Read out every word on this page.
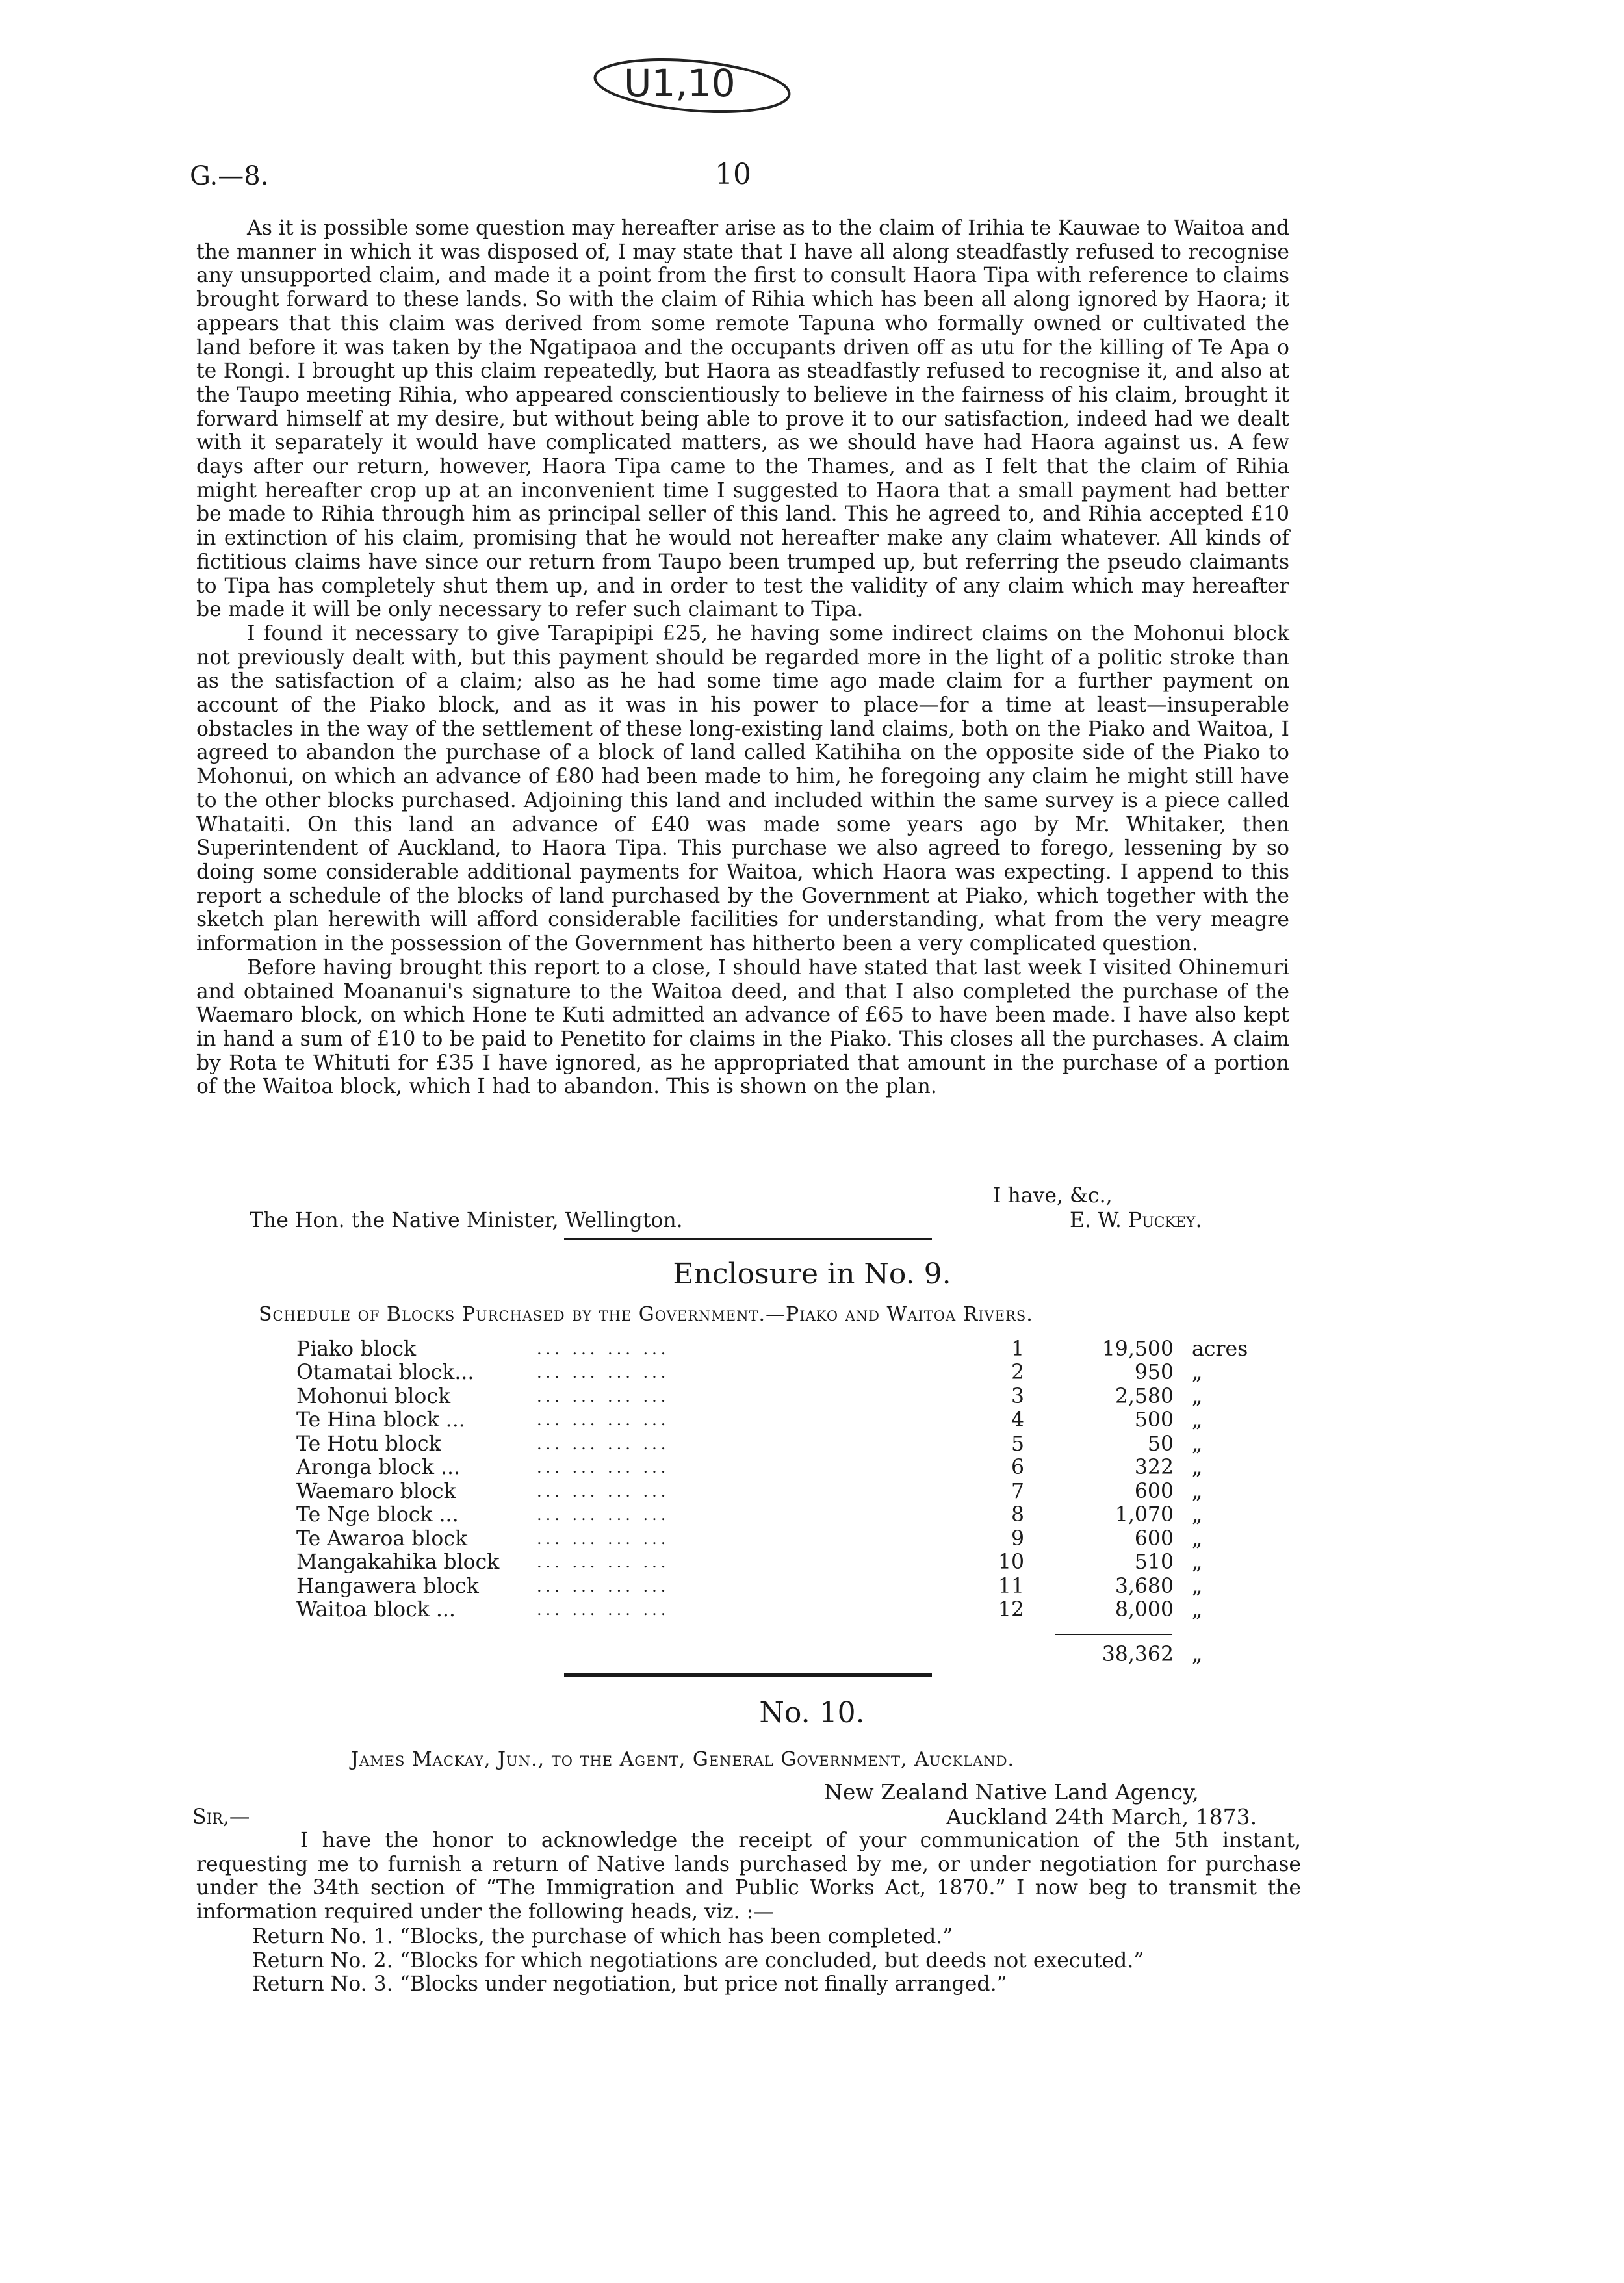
U1,10
G.—8.	10

As it is possible some question may hereafter arise as to the claim of Irihia te Kauwae to Waitoa and the manner in which it was disposed of, I may state that I have all along steadfastly refused to recognise any unsupported claim, and made it a point from the first to consult Haora Tipa with reference to claims brought forward to these lands. So with the claim of Rihia which has been all along ignored by Haora; it appears that this claim was derived from some remote Tapuna who formally owned or cultivated the land before it was taken by the Ngatipaoa and the occupants driven off as utu for the killing of Te Apa o te Rongi. I brought up this claim repeatedly, but Haora as steadfastly refused to recognise it, and also at the Taupo meeting Rihia, who appeared conscientiously to believe in the fairness of his claim, brought it forward himself at my desire, but without being able to prove it to our satisfaction, indeed had we dealt with it separately it would have complicated matters, as we should have had Haora against us. A few days after our return, however, Haora Tipa came to the Thames, and as I felt that the claim of Rihia might hereafter crop up at an inconvenient time I suggested to Haora that a small payment had better be made to Rihia through him as principal seller of this land. This he agreed to, and Rihia accepted £10 in extinction of his claim, promising that he would not hereafter make any claim whatever. All kinds of fictitious claims have since our return from Taupo been trumped up, but referring the pseudo claimants to Tipa has completely shut them up, and in order to test the validity of any claim which may hereafter be made it will be only necessary to refer such claimant to Tipa.

I found it necessary to give Tarapipipi £25, he having some indirect claims on the Mohonui block not previously dealt with, but this payment should be regarded more in the light of a politic stroke than as the satisfaction of a claim; also as he had some time ago made claim for a further payment on account of the Piako block, and as it was in his power to place—for a time at least—insuperable obstacles in the way of the settlement of these long-existing land claims, both on the Piako and Waitoa, I agreed to abandon the purchase of a block of land called Katihiha on the opposite side of the Piako to Mohonui, on which an advance of £80 had been made to him, he foregoing any claim he might still have to the other blocks purchased. Adjoining this land and included within the same survey is a piece called Whataiti. On this land an advance of £40 was made some years ago by Mr. Whitaker, then Superintendent of Auckland, to Haora Tipa. This purchase we also agreed to forego, lessening by so doing some considerable additional payments for Waitoa, which Haora was expecting. I append to this report a schedule of the blocks of land purchased by the Government at Piako, which together with the sketch plan herewith will afford considerable facilities for understanding, what from the very meagre information in the possession of the Government has hitherto been a very complicated question.

Before having brought this report to a close, I should have stated that last week I visited Ohinemuri and obtained Moananui's signature to the Waitoa deed, and that I also completed the purchase of the Waemaro block, on which Hone te Kuti admitted an advance of £65 to have been made. I have also kept in hand a sum of £10 to be paid to Penetito for claims in the Piako. This closes all the purchases. A claim by Rota te Whituti for £35 I have ignored, as he appropriated that amount in the purchase of a portion of the Waitoa block, which I had to abandon. This is shown on the plan.

I have, &c.,
The Hon. the Native Minister, Wellington.	E. W. Puckey.
Enclosure in No. 9.
Schedule of Blocks Purchased by the Government.—Piako and Waitoa Rivers.
Piako block	... ... ... ...	1	19,500 acres
Otamatai block...	... ... ... ...	2	950 „
Mohonui block	... ... ... ...	3	2,580 „
Te Hina block ...	... ... ... ...	4	500 „
Te Hotu block	... ... ... ...	5	50 „
Aronga block ...	... ... ... ...	6	322 „
Waemaro block	... ... ... ...	7	600 „
Te Nge block ...	... ... ... ...	8	1,070 „
Te Awaroa block	... ... ... ...	9	600 „
Mangakahika block ... ... ... ...	10	510 „
Hangawera block	... ... ... ...	11	3,680 „
Waitoa block ...	... ... ... ...	12	8,000 „
38,362 „
No. 10.
James Mackay, Jun., to the Agent, General Government, Auckland.
New Zealand Native Land Agency,
Auckland 24th March, 1873.
Sir,—

I have the honor to acknowledge the receipt of your communication of the 5th instant, requesting me to furnish a return of Native lands purchased by me, or under negotiation for purchase under the 34th section of “The Immigration and Public Works Act, 1870.” I now beg to transmit the information required under the following heads, viz. :—

Return No. 1. “Blocks, the purchase of which has been completed.”
Return No. 2. “Blocks for which negotiations are concluded, but deeds not executed.”
Return No. 3. “Blocks under negotiation, but price not finally arranged.”
